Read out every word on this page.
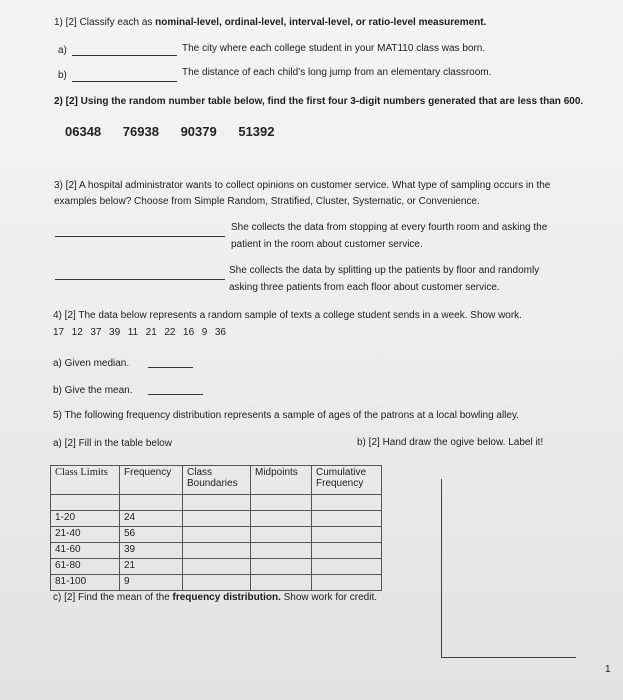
1) [2] Classify each as nominal-level, ordinal-level, interval-level, or ratio-level measurement.
a)	The city where each college student in your MAT110 class was born.
b)	The distance of each child’s long jump from an elementary classroom.
2) [2] Using the random number table below, find the first four 3-digit numbers generated that are less than 600.
06348 76938 90379 51392
3) [2] A hospital administrator wants to collect opinions on customer service. What type of sampling occurs in the
examples below? Choose from Simple Random, Stratified, Cluster, Systematic, or Convenience.
She collects the data from stopping at every fourth room and asking the
patient in the room about customer service.
She collects the data by splitting up the patients by floor and randomly
asking three patients from each floor about customer service.
4) [2] The data below represents a random sample of texts a college student sends in a week. Show work.
17  12  37  39  11  21  22  16  9  36
a) Given median.
b) Give the mean.
5) The following frequency distribution represents a sample of ages of the patrons at a local bowling alley.
a) [2] Fill in the table below	b) [2] Hand draw the ogive below. Label it!
Class Limits	Frequency	Class Boundaries	Midpoints	Cumulative Frequency

1-20	24			
21-40	56			
41-60	39			
61-80	21			
81-100	9			
c) [2] Find the mean of the frequency distribution. Show work for credit.
1
